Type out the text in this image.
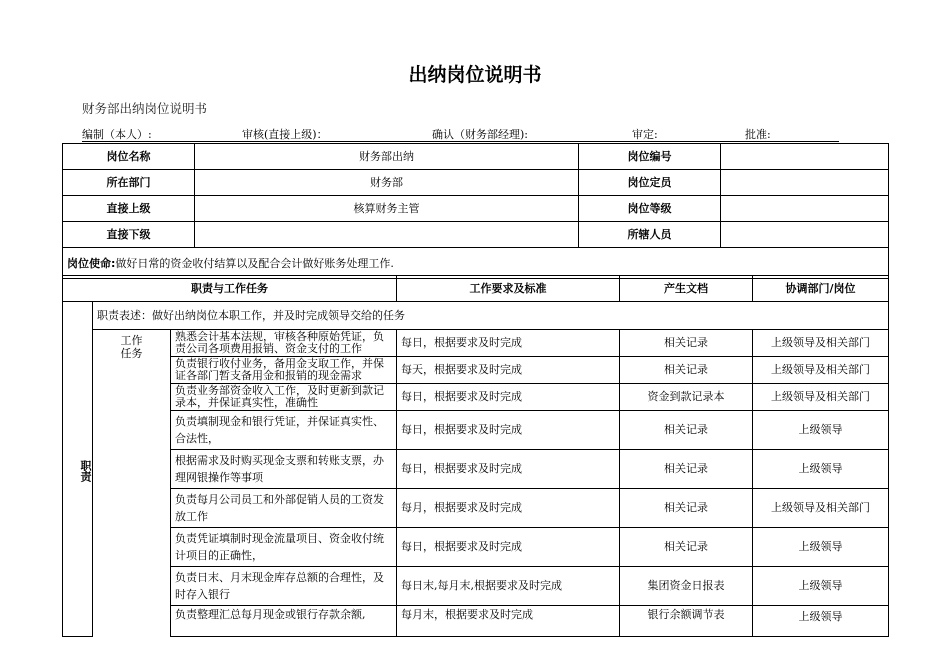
出纳岗位说明书
财务部出纳岗位说明书
编制（本人）:	审核(直接上级)：	确认（财务部经理):	审定:	批准:
岗位名称	财务部出纳	岗位编号	
所在部门	财务部	岗位定员	
直接上级	核算财务主管	岗位等级	
直接下级		所辖人员	
岗位使命:做好日常的资金收付结算以及配合会计做好账务处理工作.			
职责与工作任务			工作要求及标准	产生文档	协调部门/岗位
职责	职责表述：做好出纳岗位本职工作，并及时完成领导交给的任务				
	工作任务	熟悉会计基本法规，审核各种原始凭证，负责公司各项费用报销、资金支付的工作	每日，根据要求及时完成	相关记录	上级领导及相关部门
		负责银行收付业务，备用金支取工作，并保证各部门暂支备用金和报销的现金需求	每天，根据要求及时完成	相关记录	上级领导及相关部门
		负责业务部资金收入工作，及时更新到款记录本，并保证真实性，准确性	每日，根据要求及时完成	资金到款记录本	上级领导及相关部门
		负责填制现金和银行凭证，并保证真实性、合法性，	每日，根据要求及时完成	相关记录	上级领导
		根据需求及时购买现金支票和转账支票，办理网银操作等事项	每日，根据要求及时完成	相关记录	上级领导
		负责每月公司员工和外部促销人员的工资发放工作	每月，根据要求及时完成	相关记录	上级领导及相关部门
		负责凭证填制时现金流量项目、资金收付统计项目的正确性，	每日，根据要求及时完成	相关记录	上级领导
		负责日末、月末现金库存总额的合理性，及时存入银行	每日末,每月末,根据要求及时完成	集团资金日报表	上级领导
		负责整理汇总每月现金或银行存款余额,	每月末，根据要求及时完成	银行余额调节表	上级领导
